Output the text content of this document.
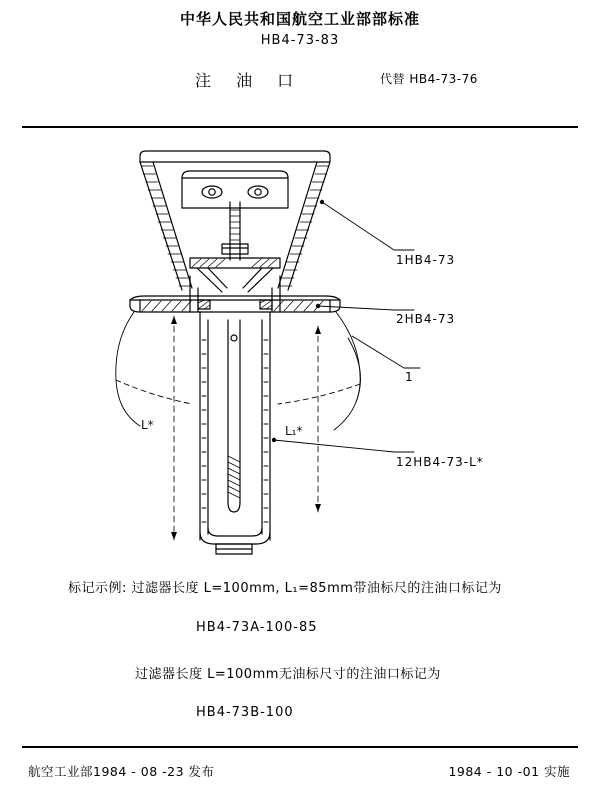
中华人民共和国航空工业部部标准
HB4-73-83
注 油 口	代替 HB4-73-76
1HB4-73
2HB4-73
1
12HB4-73-L*
L*	L₁*
标记示例: 过滤器长度 L=100mm, L₁=85mm带油标尺的注油口标记为
HB4-73A-100-85
过滤器长度 L=100mm无油标尺寸的注油口标记为
HB4-73B-100
航空工业部1984 - 08 -23 发布	1984 - 10 -01 实施
